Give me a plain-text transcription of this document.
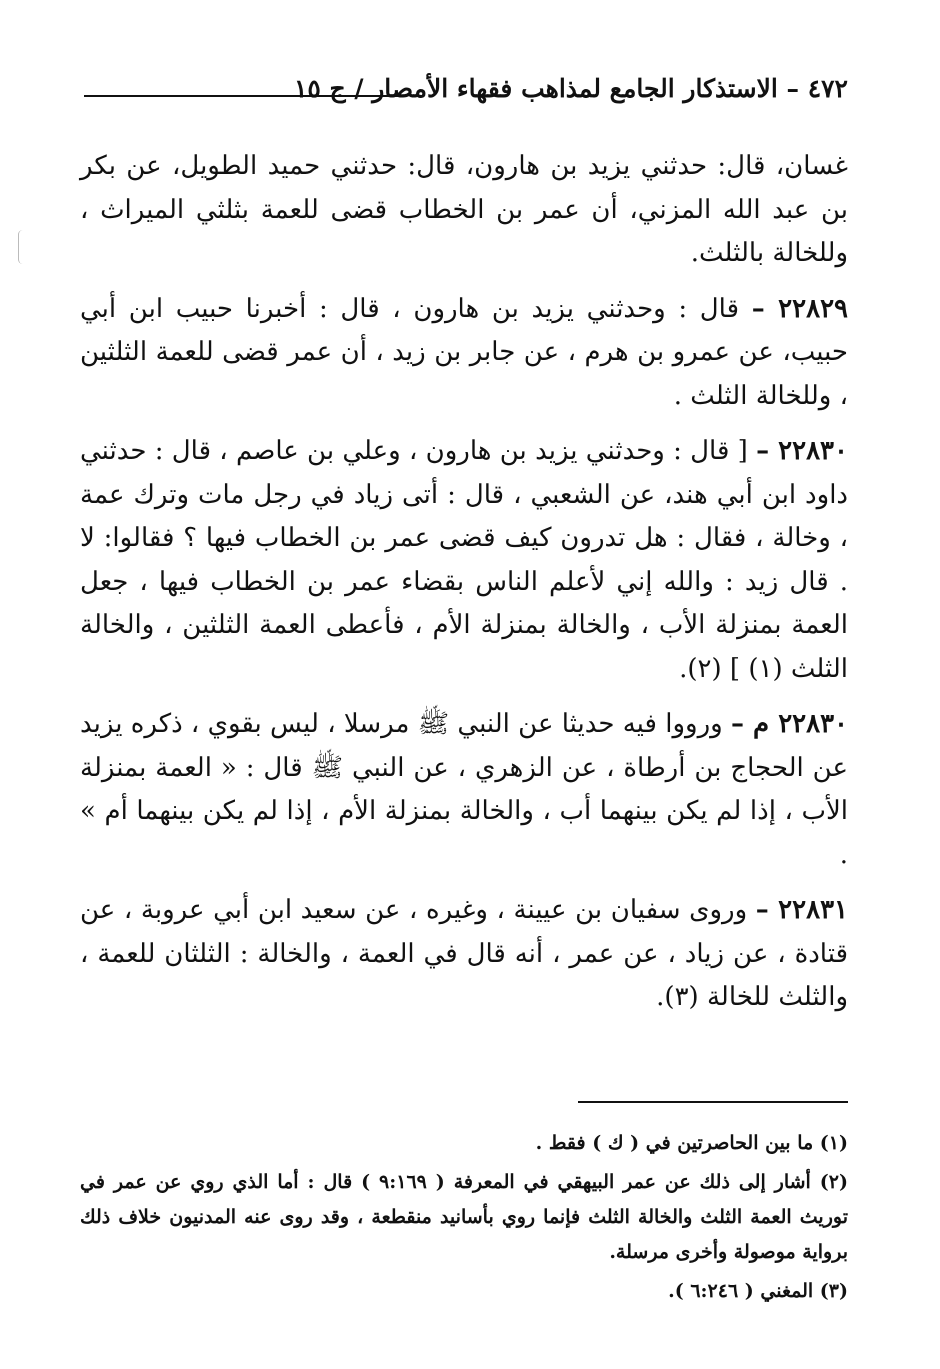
٤٧٢ – الاستذكار الجامع لمذاهب فقهاء الأمصار / ج ١٥

غسان، قال: حدثني يزيد بن هارون، قال: حدثني حميد الطويل، عن بكر بن عبد الله المزني، أن عمر بن الخطاب قضى للعمة بثلثي الميراث ، وللخالة بالثلث.

٢٢٨٢٩ – قال : وحدثني يزيد بن هارون ، قال : أخبرنا حبيب ابن أبي حبيب، عن عمرو بن هرم ، عن جابر بن زيد ، أن عمر قضى للعمة الثلثين ، وللخالة الثلث .

٢٢٨٣٠ – [ قال : وحدثني يزيد بن هارون ، وعلي بن عاصم ، قال : حدثني داود ابن أبي هند، عن الشعبي ، قال : أتى زياد في رجل مات وترك عمة ، وخالة ، فقال : هل تدرون كيف قضى عمر بن الخطاب فيها ؟ فقالوا: لا . قال زيد : والله إني لأعلم الناس بقضاء عمر بن الخطاب فيها ، جعل العمة بمنزلة الأب ، والخالة بمنزلة الأم ، فأعطى العمة الثلثين ، والخالة الثلث (١) ] (٢).

٢٢٨٣٠ م – ورووا فيه حديثا عن النبي ﷺ مرسلا ، ليس بقوي ، ذكره يزيد عن الحجاج بن أرطاة ، عن الزهري ، عن النبي ﷺ قال : « العمة بمنزلة الأب ، إذا لم يكن بينهما أب ، والخالة بمنزلة الأم ، إذا لم يكن بينهما أم » .

٢٢٨٣١ – وروى سفيان بن عيينة ، وغيره ، عن سعيد ابن أبي عروبة ، عن قتادة ، عن زياد ، عن عمر ، أنه قال في العمة ، والخالة : الثلثان للعمة ، والثلث للخالة (٣).

(١) ما بين الحاصرتين في ( ك ) فقط .

(٢) أشار إلى ذلك عن عمر البيهقي في المعرفة ( ٩:١٦٩ ) قال : أما الذي روي عن عمر في توريث العمة الثلث والخالة الثلث فإنما روي بأسانيد منقطعة ، وقد روى عنه المدنيون خلاف ذلك برواية موصولة وأخرى مرسلة.

(٣) المغني ( ٦:٢٤٦ ).
